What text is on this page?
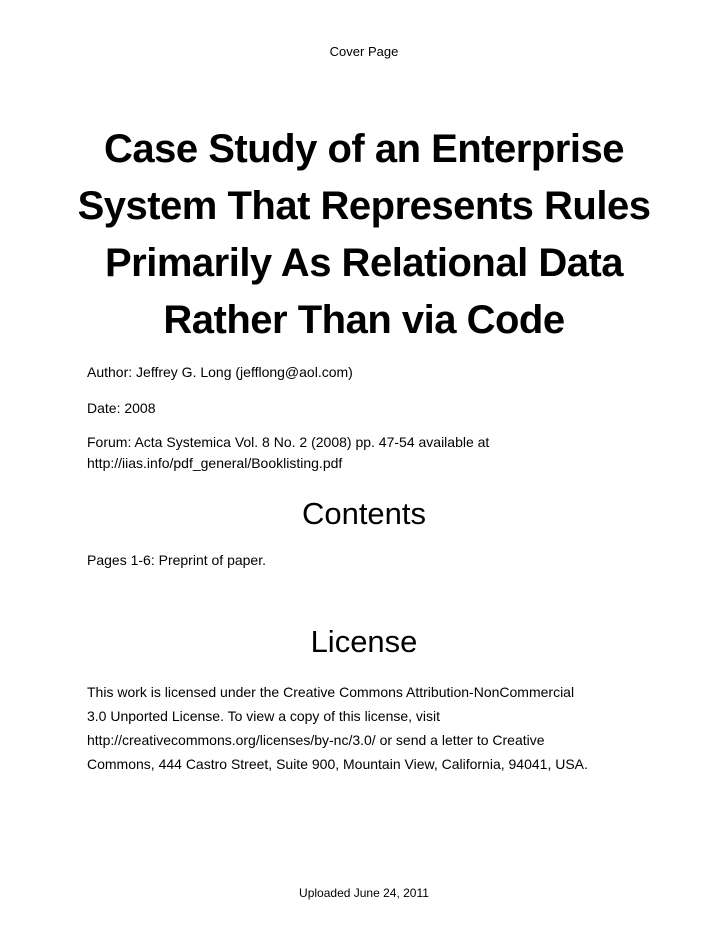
Cover Page
Case Study of an Enterprise
System That Represents Rules
Primarily As Relational Data
Rather Than via Code
Author: Jeffrey G. Long (jefflong@aol.com)
Date: 2008
Forum: Acta Systemica Vol. 8 No. 2 (2008) pp. 47-54 available at
http://iias.info/pdf_general/Booklisting.pdf
Contents
Pages 1-6: Preprint of paper.
License
This work is licensed under the Creative Commons Attribution-NonCommercial
3.0 Unported License. To view a copy of this license, visit
http://creativecommons.org/licenses/by-nc/3.0/ or send a letter to Creative
Commons, 444 Castro Street, Suite 900, Mountain View, California, 94041, USA.
Uploaded June 24, 2011
